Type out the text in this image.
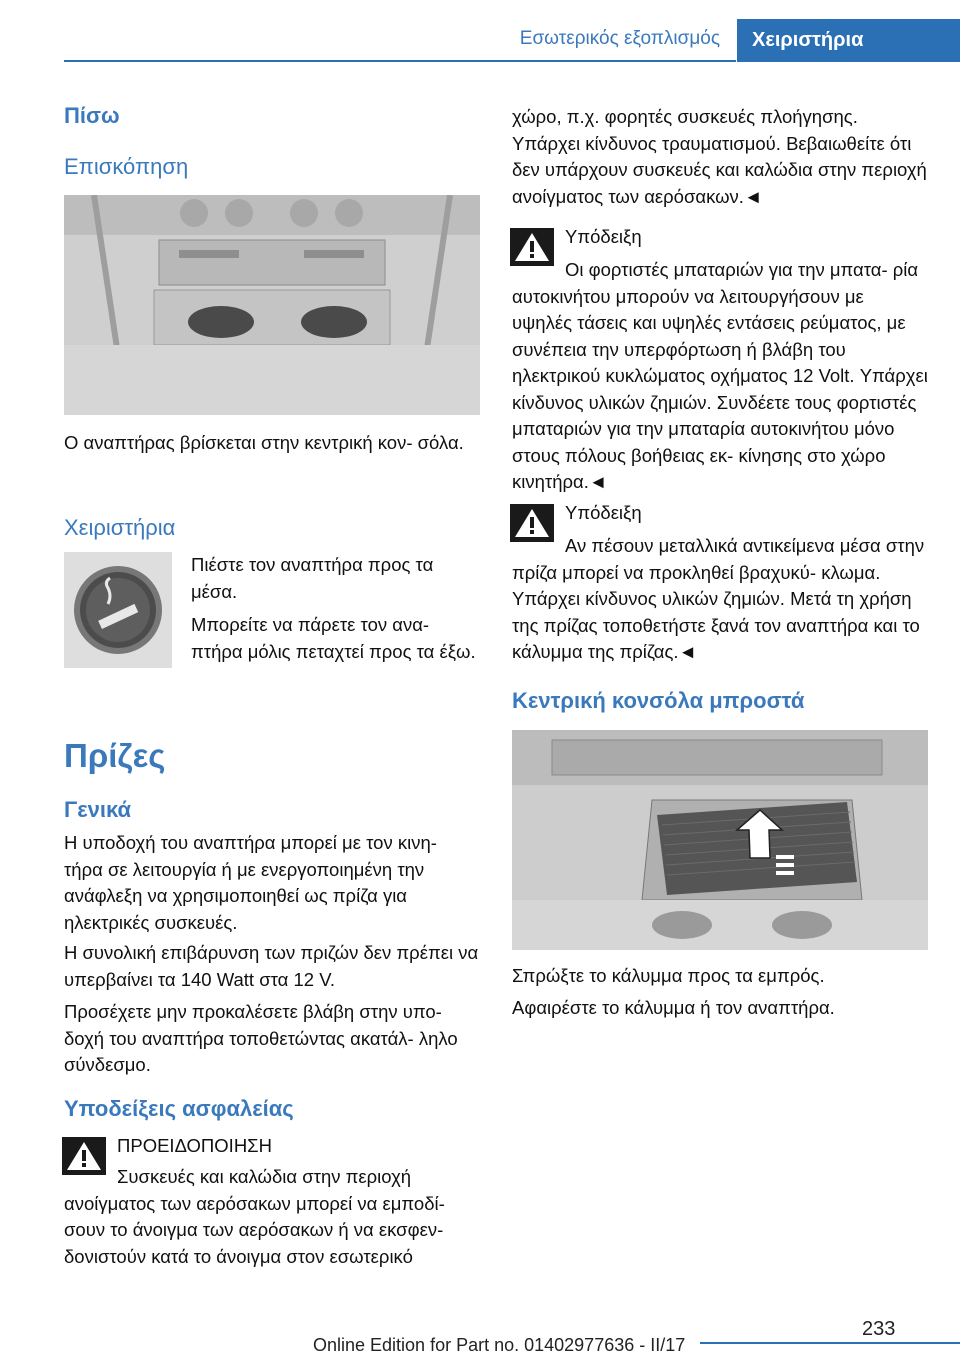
Εσωτερικός εξοπλισμός	Χειριστήρια
Πίσω
Επισκόπηση
Ο αναπτήρας βρίσκεται στην κεντρική κον‐ σόλα.
Χειριστήρια
Πιέστε τον αναπτήρα προς τα μέσα.
Μπορείτε να πάρετε τον ανα‐ πτήρα μόλις πεταχτεί προς τα έξω.
Πρίζες
Γενικά
Η υποδοχή του αναπτήρα μπορεί με τον κινη‐ τήρα σε λειτουργία ή με ενεργοποιημένη την ανάφλεξη να χρησιμοποιηθεί ως πρίζα για ηλεκτρικές συσκευές.
Η συνολική επιβάρυνση των πριζών δεν πρέπει να υπερβαίνει τα 140 Watt στα 12 V.
Προσέχετε μην προκαλέσετε βλάβη στην υπο‐ δοχή του αναπτήρα τοποθετώντας ακατάλ‐ ληλο σύνδεσμο.
Υποδείξεις ασφαλείας
ΠΡΟΕΙΔΟΠΟΙΗΣΗ
Συσκευές και καλώδια στην περιοχή ανοίγματος των αερόσακων μπορεί να εμποδί‐ σουν το άνοιγμα των αερόσακων ή να εκσφεν‐ δονιστούν κατά το άνοιγμα στον εσωτερικό
χώρο, π.χ. φορητές συσκευές πλοήγησης. Υπάρχει κίνδυνος τραυματισμού. Βεβαιωθείτε ότι δεν υπάρχουν συσκευές και καλώδια στην περιοχή ανοίγματος των αερόσακων.◄
Υπόδειξη
Οι φορτιστές μπαταριών για την μπατα‐ ρία αυτοκινήτου μπορούν να λειτουργήσουν με υψηλές τάσεις και υψηλές εντάσεις ρεύματος, με συνέπεια την υπερφόρτωση ή βλάβη του ηλεκτρικού κυκλώματος οχήματος 12 Volt. Υπάρχει κίνδυνος υλικών ζημιών. Συνδέετε τους φορτιστές μπαταριών για την μπαταρία αυτοκινήτου μόνο στους πόλους βοήθειας εκ‐ κίνησης στο χώρο κινητήρα.◄
Υπόδειξη
Αν πέσουν μεταλλικά αντικείμενα μέσα στην πρίζα μπορεί να προκληθεί βραχυκύ‐ κλωμα. Υπάρχει κίνδυνος υλικών ζημιών. Μετά τη χρήση της πρίζας τοποθετήστε ξανά τον αναπτήρα και το κάλυμμα της πρίζας.◄
Κεντρική κονσόλα μπροστά
Σπρώξτε το κάλυμμα προς τα εμπρός.
Αφαιρέστε το κάλυμμα ή τον αναπτήρα.
233
Online Edition for Part no. 01402977636 - II/17
